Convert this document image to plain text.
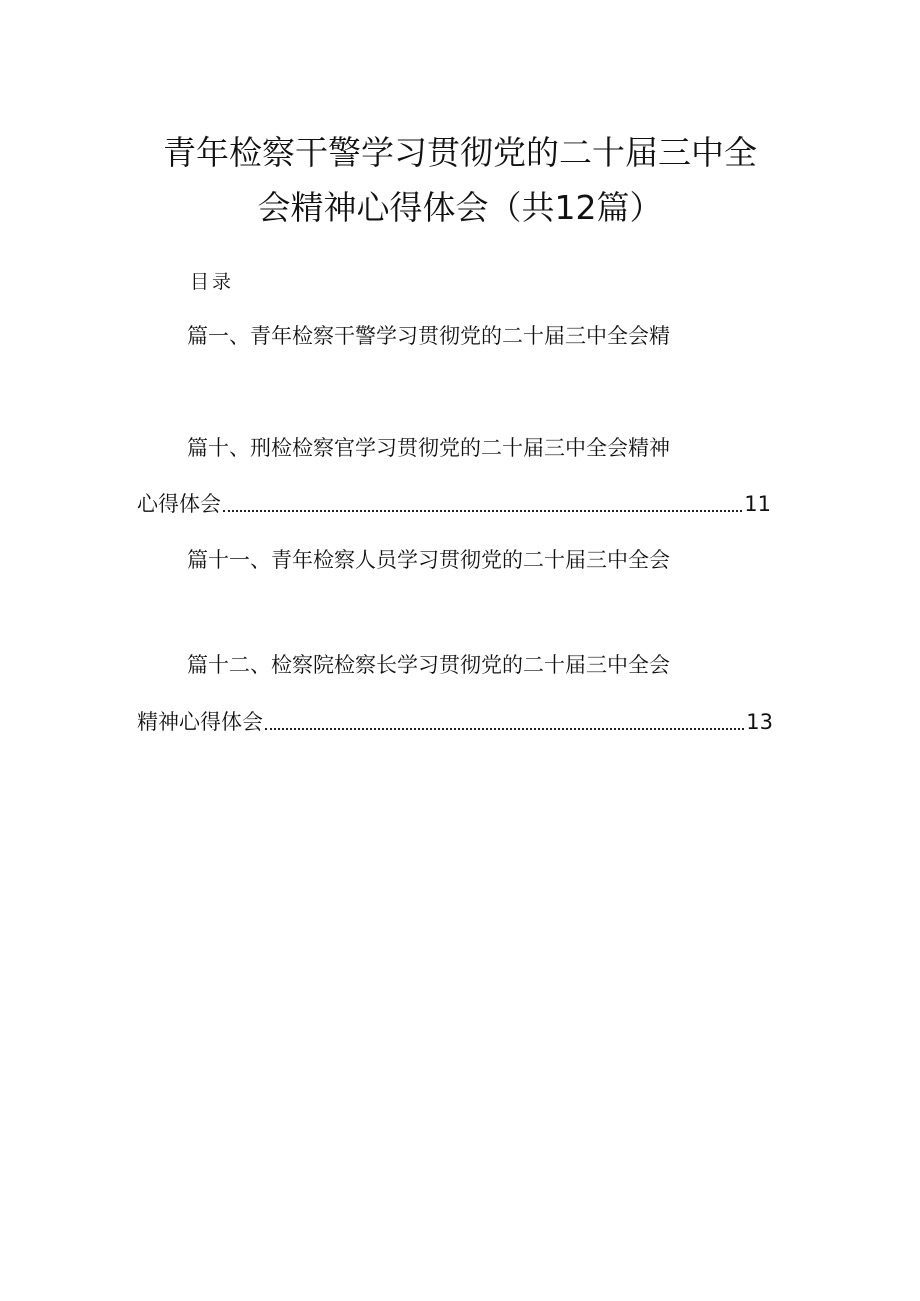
青年检察干警学习贯彻党的二十届三中全
会精神心得体会（共12篇）
目录
篇一、青年检察干警学习贯彻党的二十届三中全会精
篇十、刑检检察官学习贯彻党的二十届三中全会精神
心得体会	11
篇十一、青年检察人员学习贯彻党的二十届三中全会
篇十二、检察院检察长学习贯彻党的二十届三中全会
精神心得体会	13
